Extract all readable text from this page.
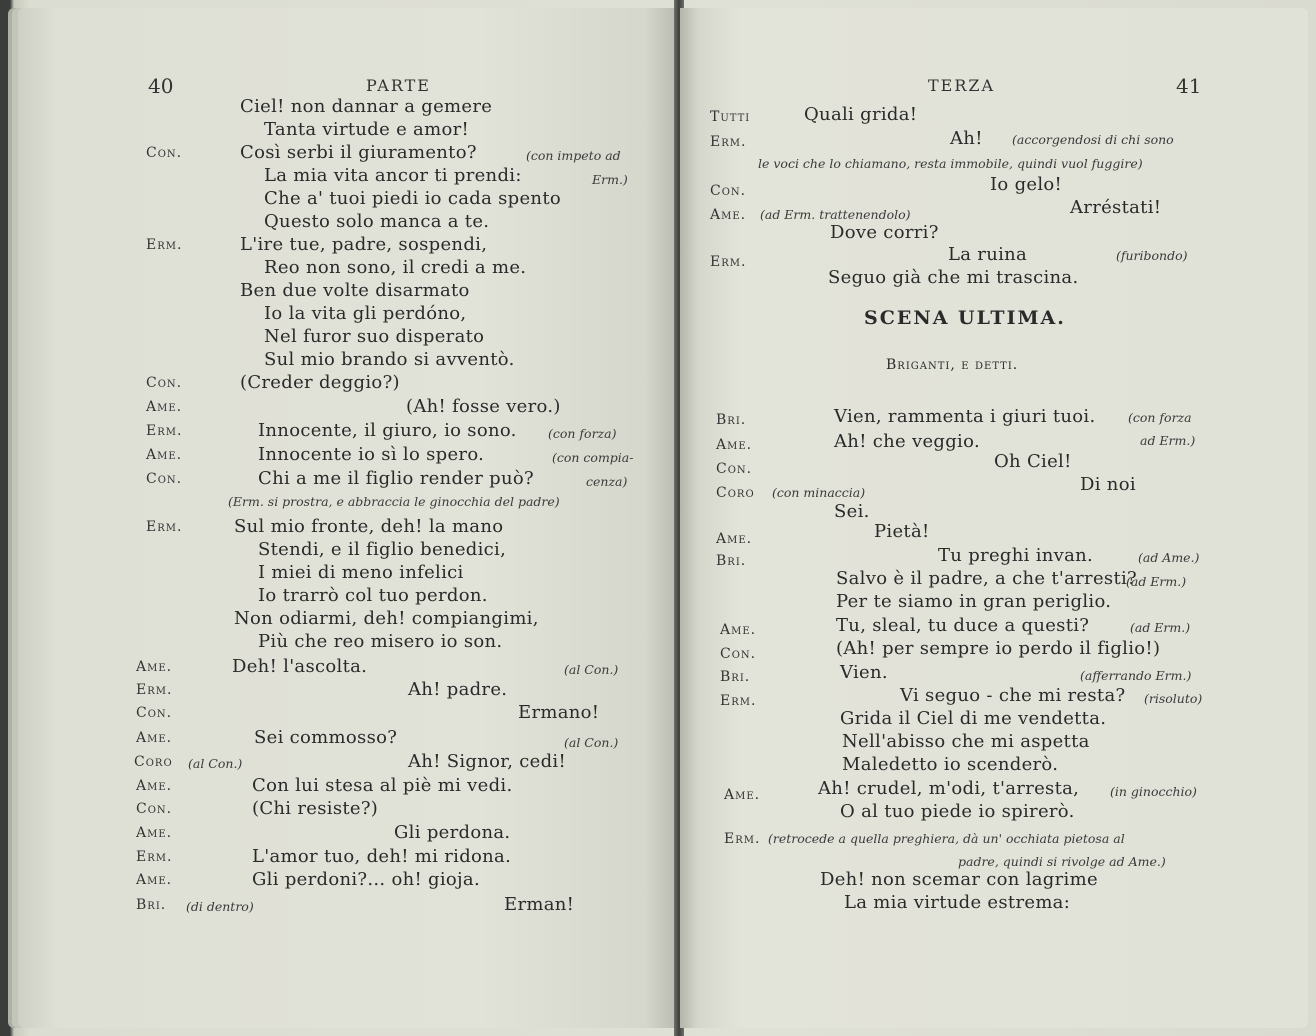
40	PARTE
Ciel! non dannar a gemere
Tanta virtude e amor!
Con.	Così serbi il giuramento?	(con impeto ad
La mia vita ancor ti prendi:	Erm.)
Che a' tuoi piedi io cada spento
Questo solo manca a te.
Erm.	L'ire tue, padre, sospendi,
Reo non sono, il credi a me.
Ben due volte disarmato
Io la vita gli perdóno,
Nel furor suo disperato
Sul mio brando si avventò.
Con.	(Creder deggio?)
Ame.	(Ah! fosse vero.)
Erm.	Innocente, il giuro, io sono.	(con forza)
Ame.	Innocente io sì lo spero.	(con compia-
Con.	Chi a me il figlio render può?	cenza)
(Erm. si prostra, e abbraccia le ginocchia del padre)
Erm.	Sul mio fronte, deh! la mano
Stendi, e il figlio benedici,
I miei di meno infelici
Io trarrò col tuo perdon.
Non odiarmi, deh! compiangimi,
Più che reo misero io son.
Ame.	Deh! l'ascolta.	(al Con.)
Erm.	Ah! padre.
Con.	Ermano!
Ame.	Sei commosso?	(al Con.)
Coro (al Con.)	Ah! Signor, cedi!
Ame.	Con lui stesa al piè mi vedi.
Con.	(Chi resiste?)
Ame.	Gli perdona.
Erm.	L'amor tuo, deh! mi ridona.
Ame.	Gli perdoni?... oh! gioja.
Bri. (di dentro)	Erman!
TERZA	41
Tutti	Quali grida!
Erm.	Ah! (accorgendosi di chi sono
le voci che lo chiamano, resta immobile, quindi vuol fuggire)
Con.	Io gelo!
Ame. (ad Erm. trattenendolo)	Arréstati!
Dove corri?
Erm.	La ruina	(furibondo)
Seguo già che mi trascina.
SCENA ULTIMA.
Briganti, e detti.
Bri.	Vien, rammenta i giuri tuoi.	(con forza
Ame.	Ah! che veggio.	ad Erm.)
Con.	Oh Ciel!
Coro (con minaccia)	Di noi
Sei.
Ame.	Pietà!
Bri.	Tu preghi invan.	(ad Ame.)
Salvo è il padre, a che t'arresti?
(ad Erm.)
Per te siamo in gran periglio.
Ame.	Tu, sleal, tu duce a questi?	(ad Erm.)
Con.	(Ah! per sempre io perdo il figlio!)
Bri.	Vien.	(afferrando Erm.)
Erm.	Vi seguo - che mi resta? (risoluto)
Grida il Ciel di me vendetta.
Nell'abisso che mi aspetta
Maledetto io scenderò.
Ame.	Ah! crudel, m'odi, t'arresta, (in ginocchio)
O al tuo piede io spirerò.
Erm. (retrocede a quella preghiera, dà un' occhiata pietosa al
padre, quindi si rivolge ad Ame.)
Deh! non scemar con lagrime
La mia virtude estrema:
